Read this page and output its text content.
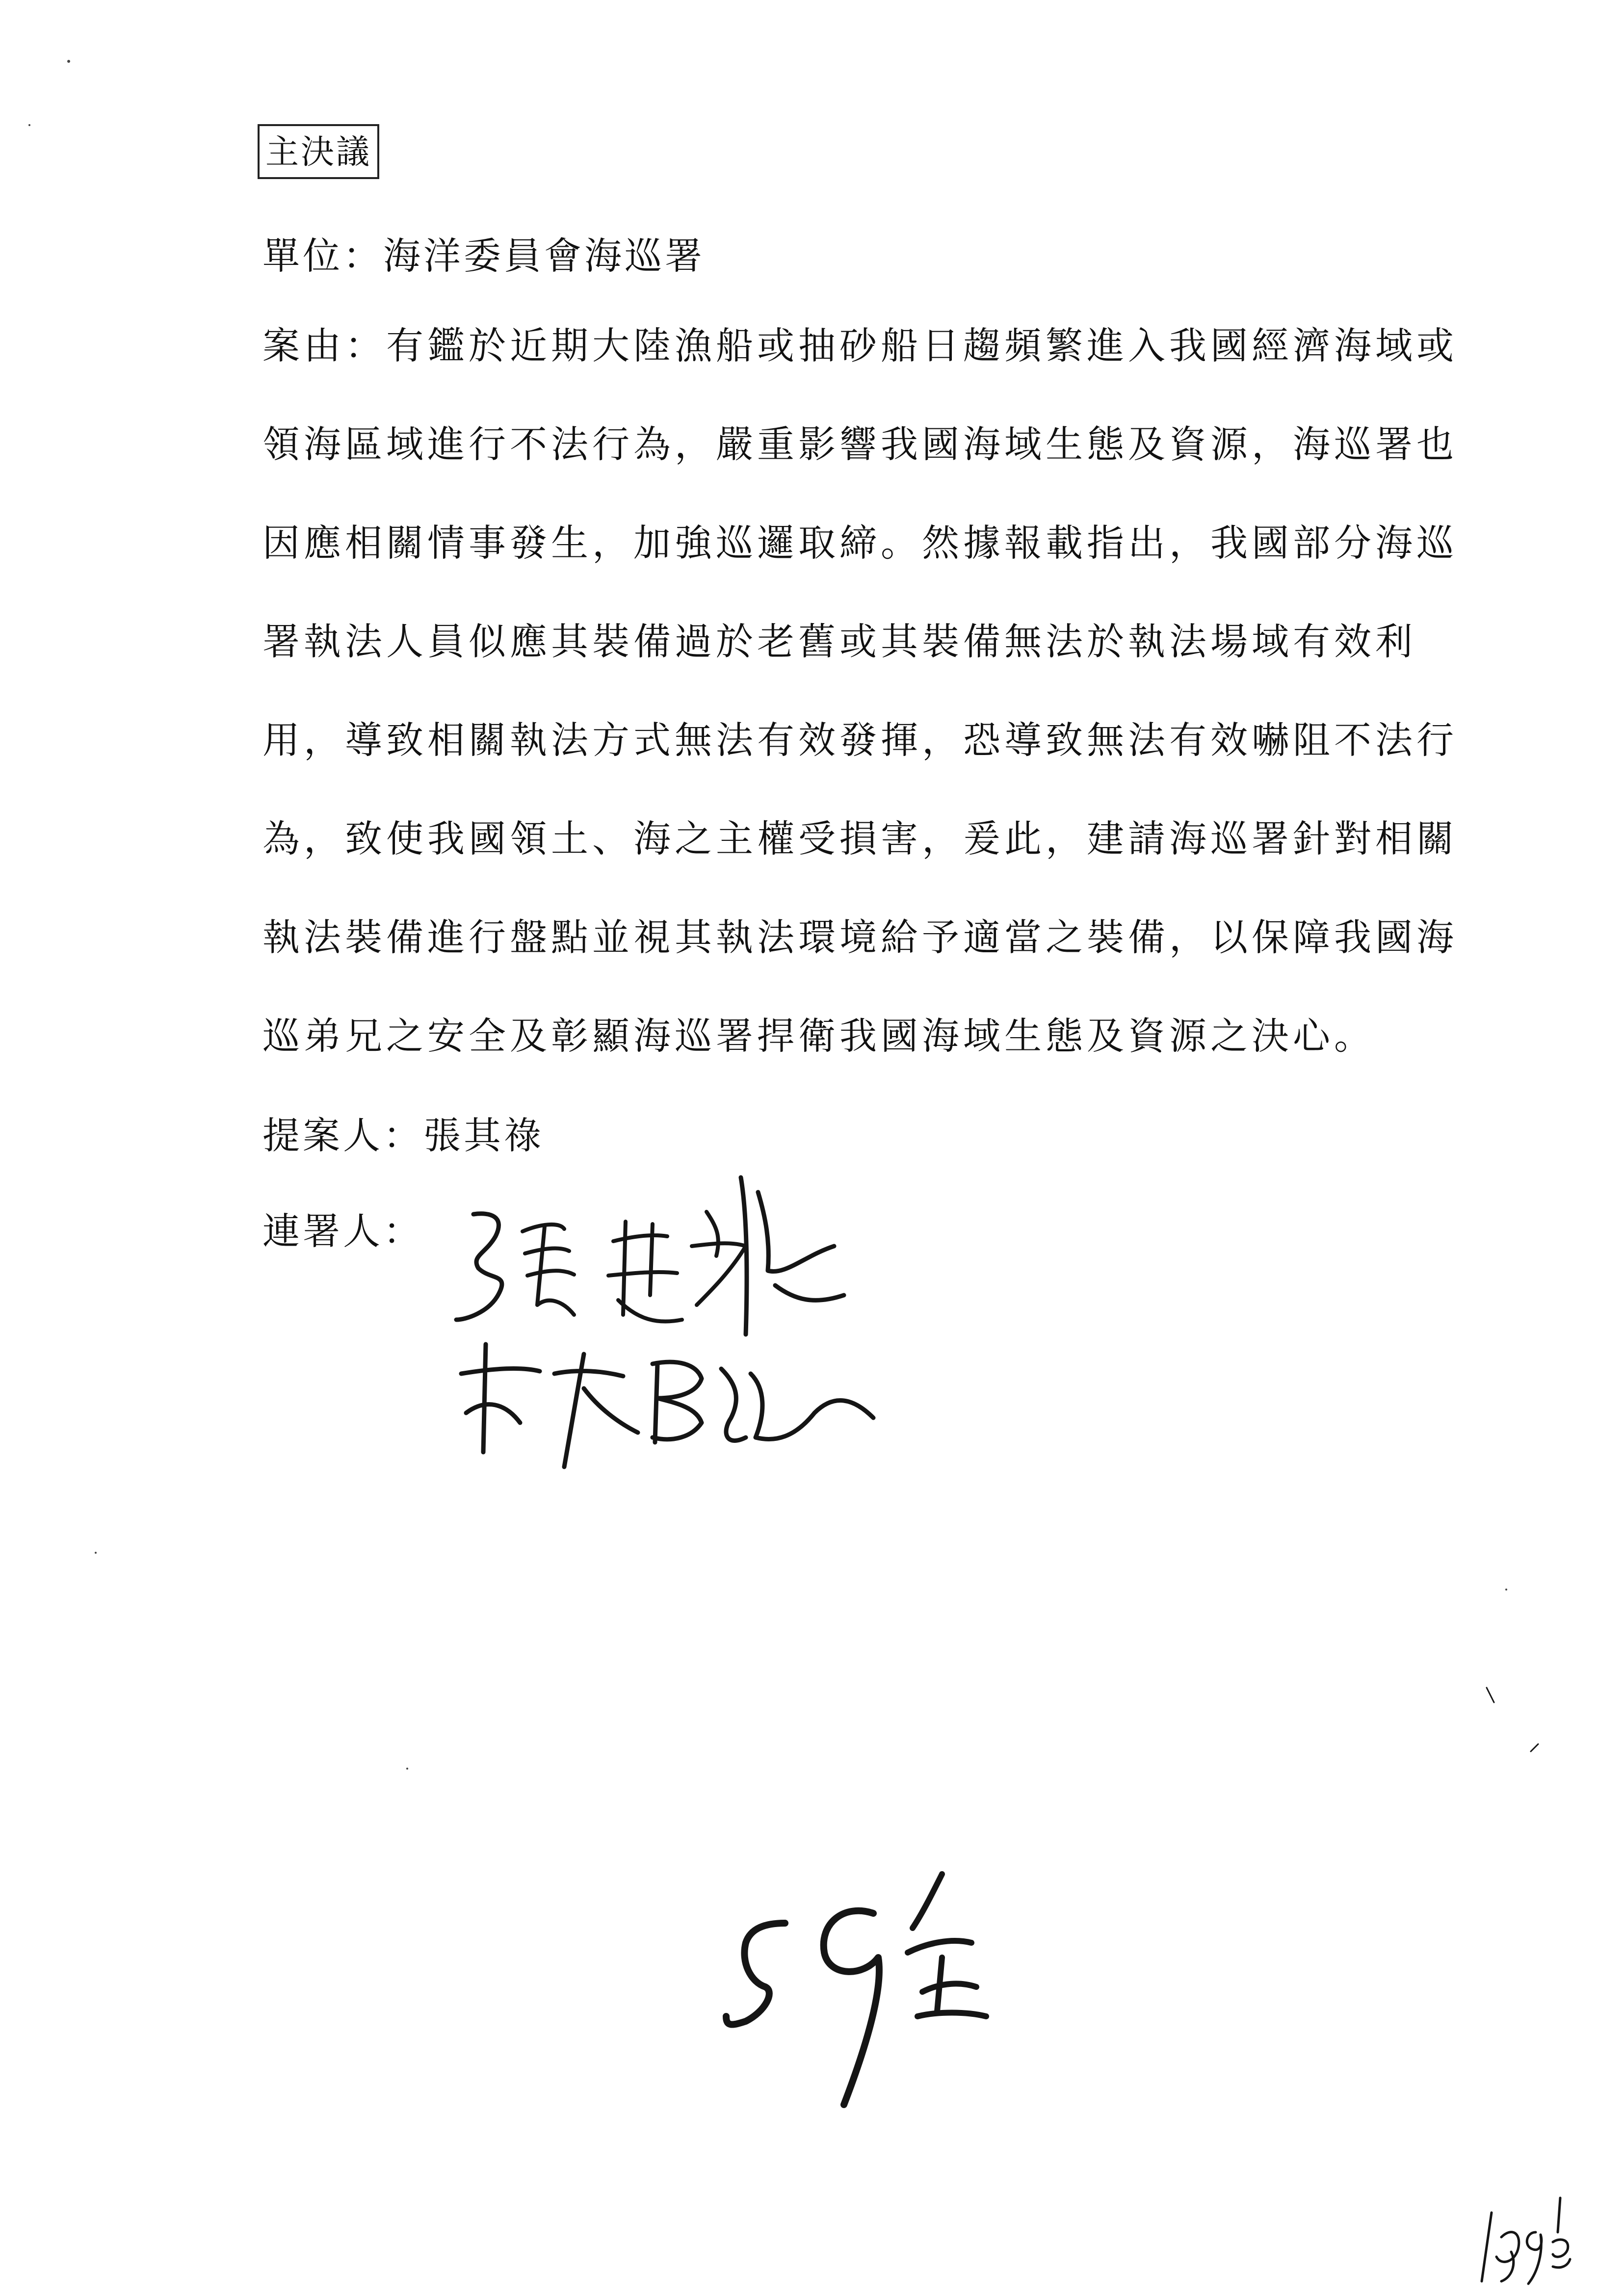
主決議
單位：海洋委員會海巡署
案由：有鑑於近期大陸漁船或抽砂船日趨頻繁進入我國經濟海域或
領海區域進行不法行為，嚴重影響我國海域生態及資源，海巡署也
因應相關情事發生，加強巡邏取締。然據報載指出，我國部分海巡
署執法人員似應其裝備過於老舊或其裝備無法於執法場域有效利
用，導致相關執法方式無法有效發揮，恐導致無法有效嚇阻不法行
為，致使我國領土、海之主權受損害，爰此，建請海巡署針對相關
執法裝備進行盤點並視其執法環境給予適當之裝備，以保障我國海
巡弟兄之安全及彰顯海巡署捍衛我國海域生態及資源之決心。
提案人：張其祿
連署人：
